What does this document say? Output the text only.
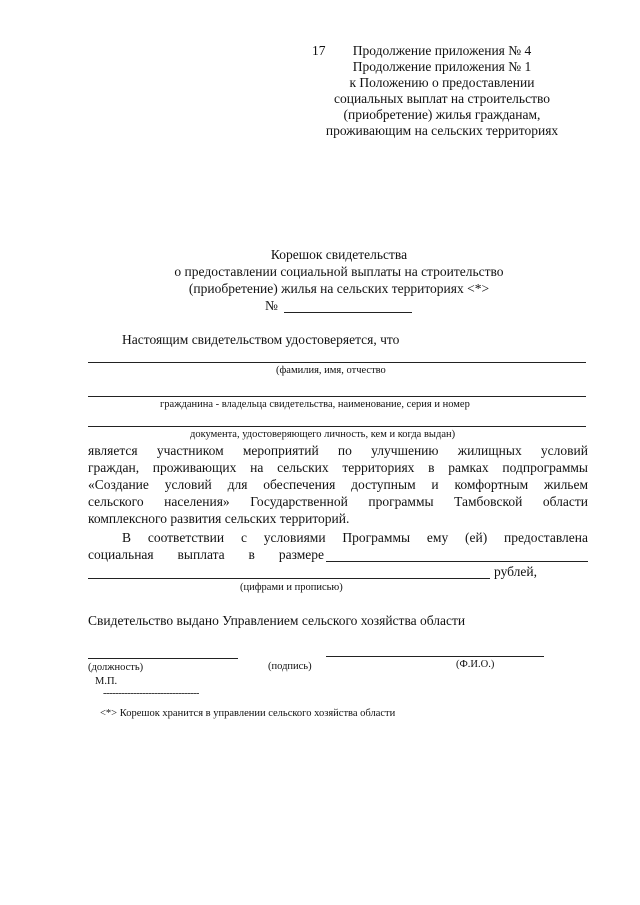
17	Продолжение приложения № 4
Продолжение приложения № 1
к Положению о предоставлении
социальных выплат на строительство
(приобретение) жилья гражданам,
проживающим на сельских территориях
Корешок свидетельства
о предоставлении социальной выплаты на строительство
(приобретение) жилья на сельских территориях <*>
№
Настоящим свидетельством удостоверяется, что
(фамилия, имя, отчество
гражданина - владельца свидетельства, наименование, серия и номер
документа, удостоверяющего личность, кем и когда выдан)
является участником мероприятий по улучшению жилищных условий
граждан, проживающих на сельских территориях в рамках подпрограммы
«Создание условий для обеспечения доступным и комфортным жильем
сельского населения» Государственной программы Тамбовской области
комплексного развития сельских территорий.
В соответствии с условиями Программы ему (ей) предоставлена
социальная выплата в размере
рублей,
(цифрами и прописью)
Свидетельство выдано Управлением сельского хозяйства области
(должность)	(подпись)	(Ф.И.О.)
М.П.
--------------------------------
<*> Корешок хранится в управлении сельского хозяйства области
